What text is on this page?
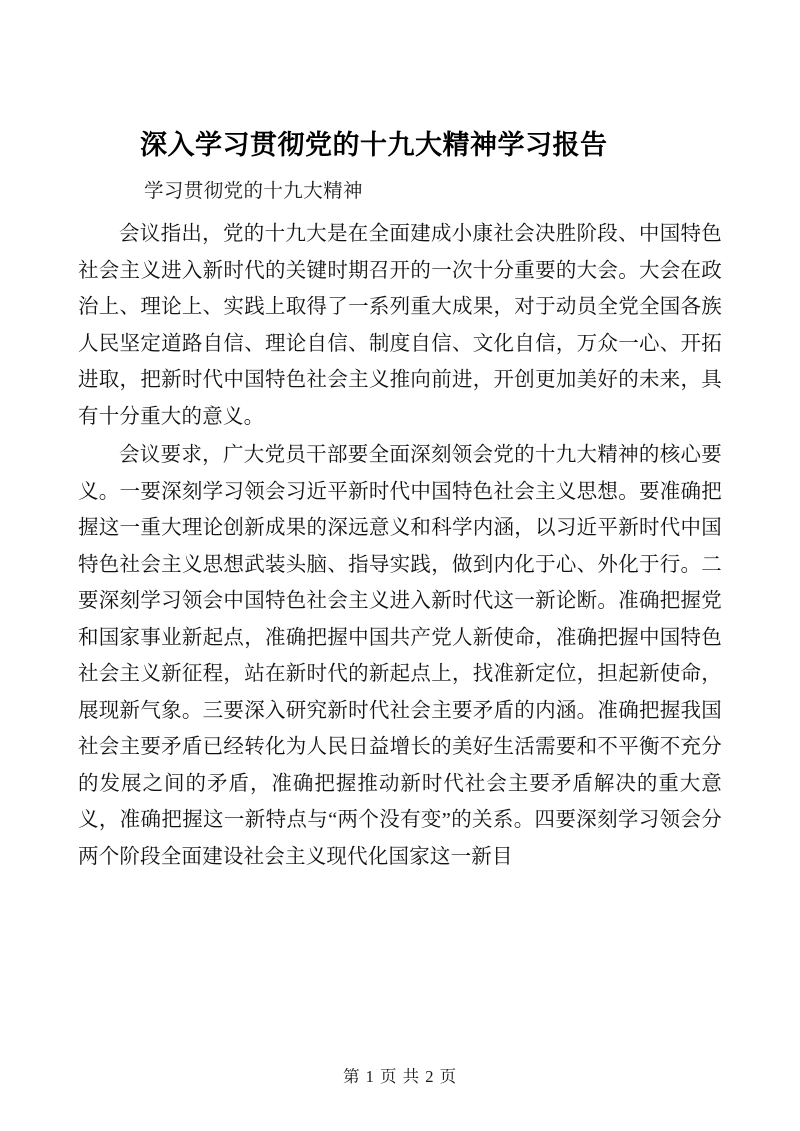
深入学习贯彻党的十九大精神学习报告
学习贯彻党的十九大精神

会议指出，党的十九大是在全面建成小康社会决胜阶段、中国特色社会主义进入新时代的关键时期召开的一次十分重要的大会。大会在政治上、理论上、实践上取得了一系列重大成果，对于动员全党全国各族人民坚定道路自信、理论自信、制度自信、文化自信，万众一心、开拓进取，把新时代中国特色社会主义推向前进，开创更加美好的未来，具有十分重大的意义。

会议要求，广大党员干部要全面深刻领会党的十九大精神的核心要义。一要深刻学习领会习近平新时代中国特色社会主义思想。要准确把握这一重大理论创新成果的深远意义和科学内涵，以习近平新时代中国特色社会主义思想武装头脑、指导实践，做到内化于心、外化于行。二要深刻学习领会中国特色社会主义进入新时代这一新论断。准确把握党和国家事业新起点，准确把握中国共产党人新使命，准确把握中国特色社会主义新征程，站在新时代的新起点上，找准新定位，担起新使命，展现新气象。三要深入研究新时代社会主要矛盾的内涵。准确把握我国社会主要矛盾已经转化为人民日益增长的美好生活需要和不平衡不充分的发展之间的矛盾，准确把握推动新时代社会主要矛盾解决的重大意义，准确把握这一新特点与“两个没有变”的关系。四要深刻学习领会分两个阶段全面建设社会主义现代化国家这一新目

第 1 页 共 2 页
